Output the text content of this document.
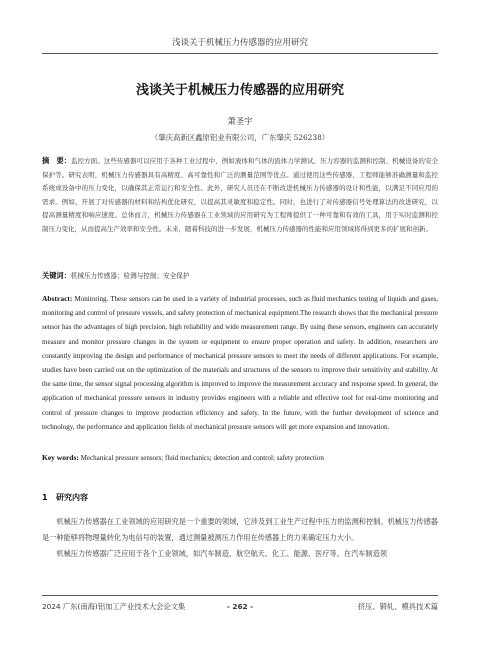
浅谈关于机械压力传感器的应用研究
浅谈关于机械压力传感器的应用研究
萧圣宇
（肇庆高新区鑫原铝业有限公司，广东肇庆 526238）
摘　要：监控方面。这些传感器可以应用于各种工业过程中，例如液体和气体的流体力学测试、压力容器的监测和控制、机械设备的安全保护等。研究表明，机械压力传感器具有高精度、高可靠性和广泛的测量范围等优点。通过使用这些传感器，工程师能够准确测量和监控系统或设备中的压力变化，以确保其正常运行和安全性。此外，研究人员还在不断改进机械压力传感器的设计和性能，以满足不同应用的需求。例如，开展了对传感器的材料和结构优化研究，以提高其灵敏度和稳定性。同时，也进行了对传感器信号处理算法的改进研究，以提高测量精度和响应速度。总体而言，机械压力传感器在工业领域的应用研究为工程师提供了一种可靠和有效的工具，用于实时监测和控制压力变化，从而提高生产效率和安全性。未来，随着科技的进一步发展，机械压力传感器的性能和应用领域将得到更多的扩展和创新。
关键词：机械压力传感器；检测与控制；安全保护
Abstract: Monitoring. These sensors can be used in a variety of industrial processes, such as fluid mechanics testing of liquids and gases, monitoring and control of pressure vessels, and safety protection of mechanical equipment.The research shows that the mechanical pressure sensor has the advantages of high precision, high reliability and wide measurement range. By using these sensors, engineers can accurately measure and monitor pressure changes in the system or equipment to ensure proper operation and safety. In addition, researchers are constantly improving the design and performance of mechanical pressure sensors to meet the needs of different applications. For example, studies have been carried out on the optimization of the materials and structures of the sensors to improve their sensitivity and stability. At the same time, the sensor signal processing algorithm is improved to improve the measurement accuracy and response speed. In general, the application of mechanical pressure sensors in industry provides engineers with a reliable and effective tool for real-time monitoring and control of pressure changes to improve production efficiency and safety. In the future, with the further development of science and technology, the performance and application fields of mechanical pressure sensors will get more expansion and innovation.
Key words: Mechanical pressure sensors; fluid mechanics; detection and control; safety protection
1 研究内容

机械压力传感器在工业领域的应用研究是一个重要的领域，它涉及到工业生产过程中压力的监测和控制。机械压力传感器是一种能够将物理量转化为电信号的装置，通过测量被测压力作用在传感器上的力来确定压力大小。

机械压力传感器广泛应用于各个工业领域，如汽车制造、航空航天、化工、能源、医疗等。在汽车制造领

2024 广东(南海)铝加工产业技术大会论文集	- 262 -	挤压、锻轧、模具技术篇
